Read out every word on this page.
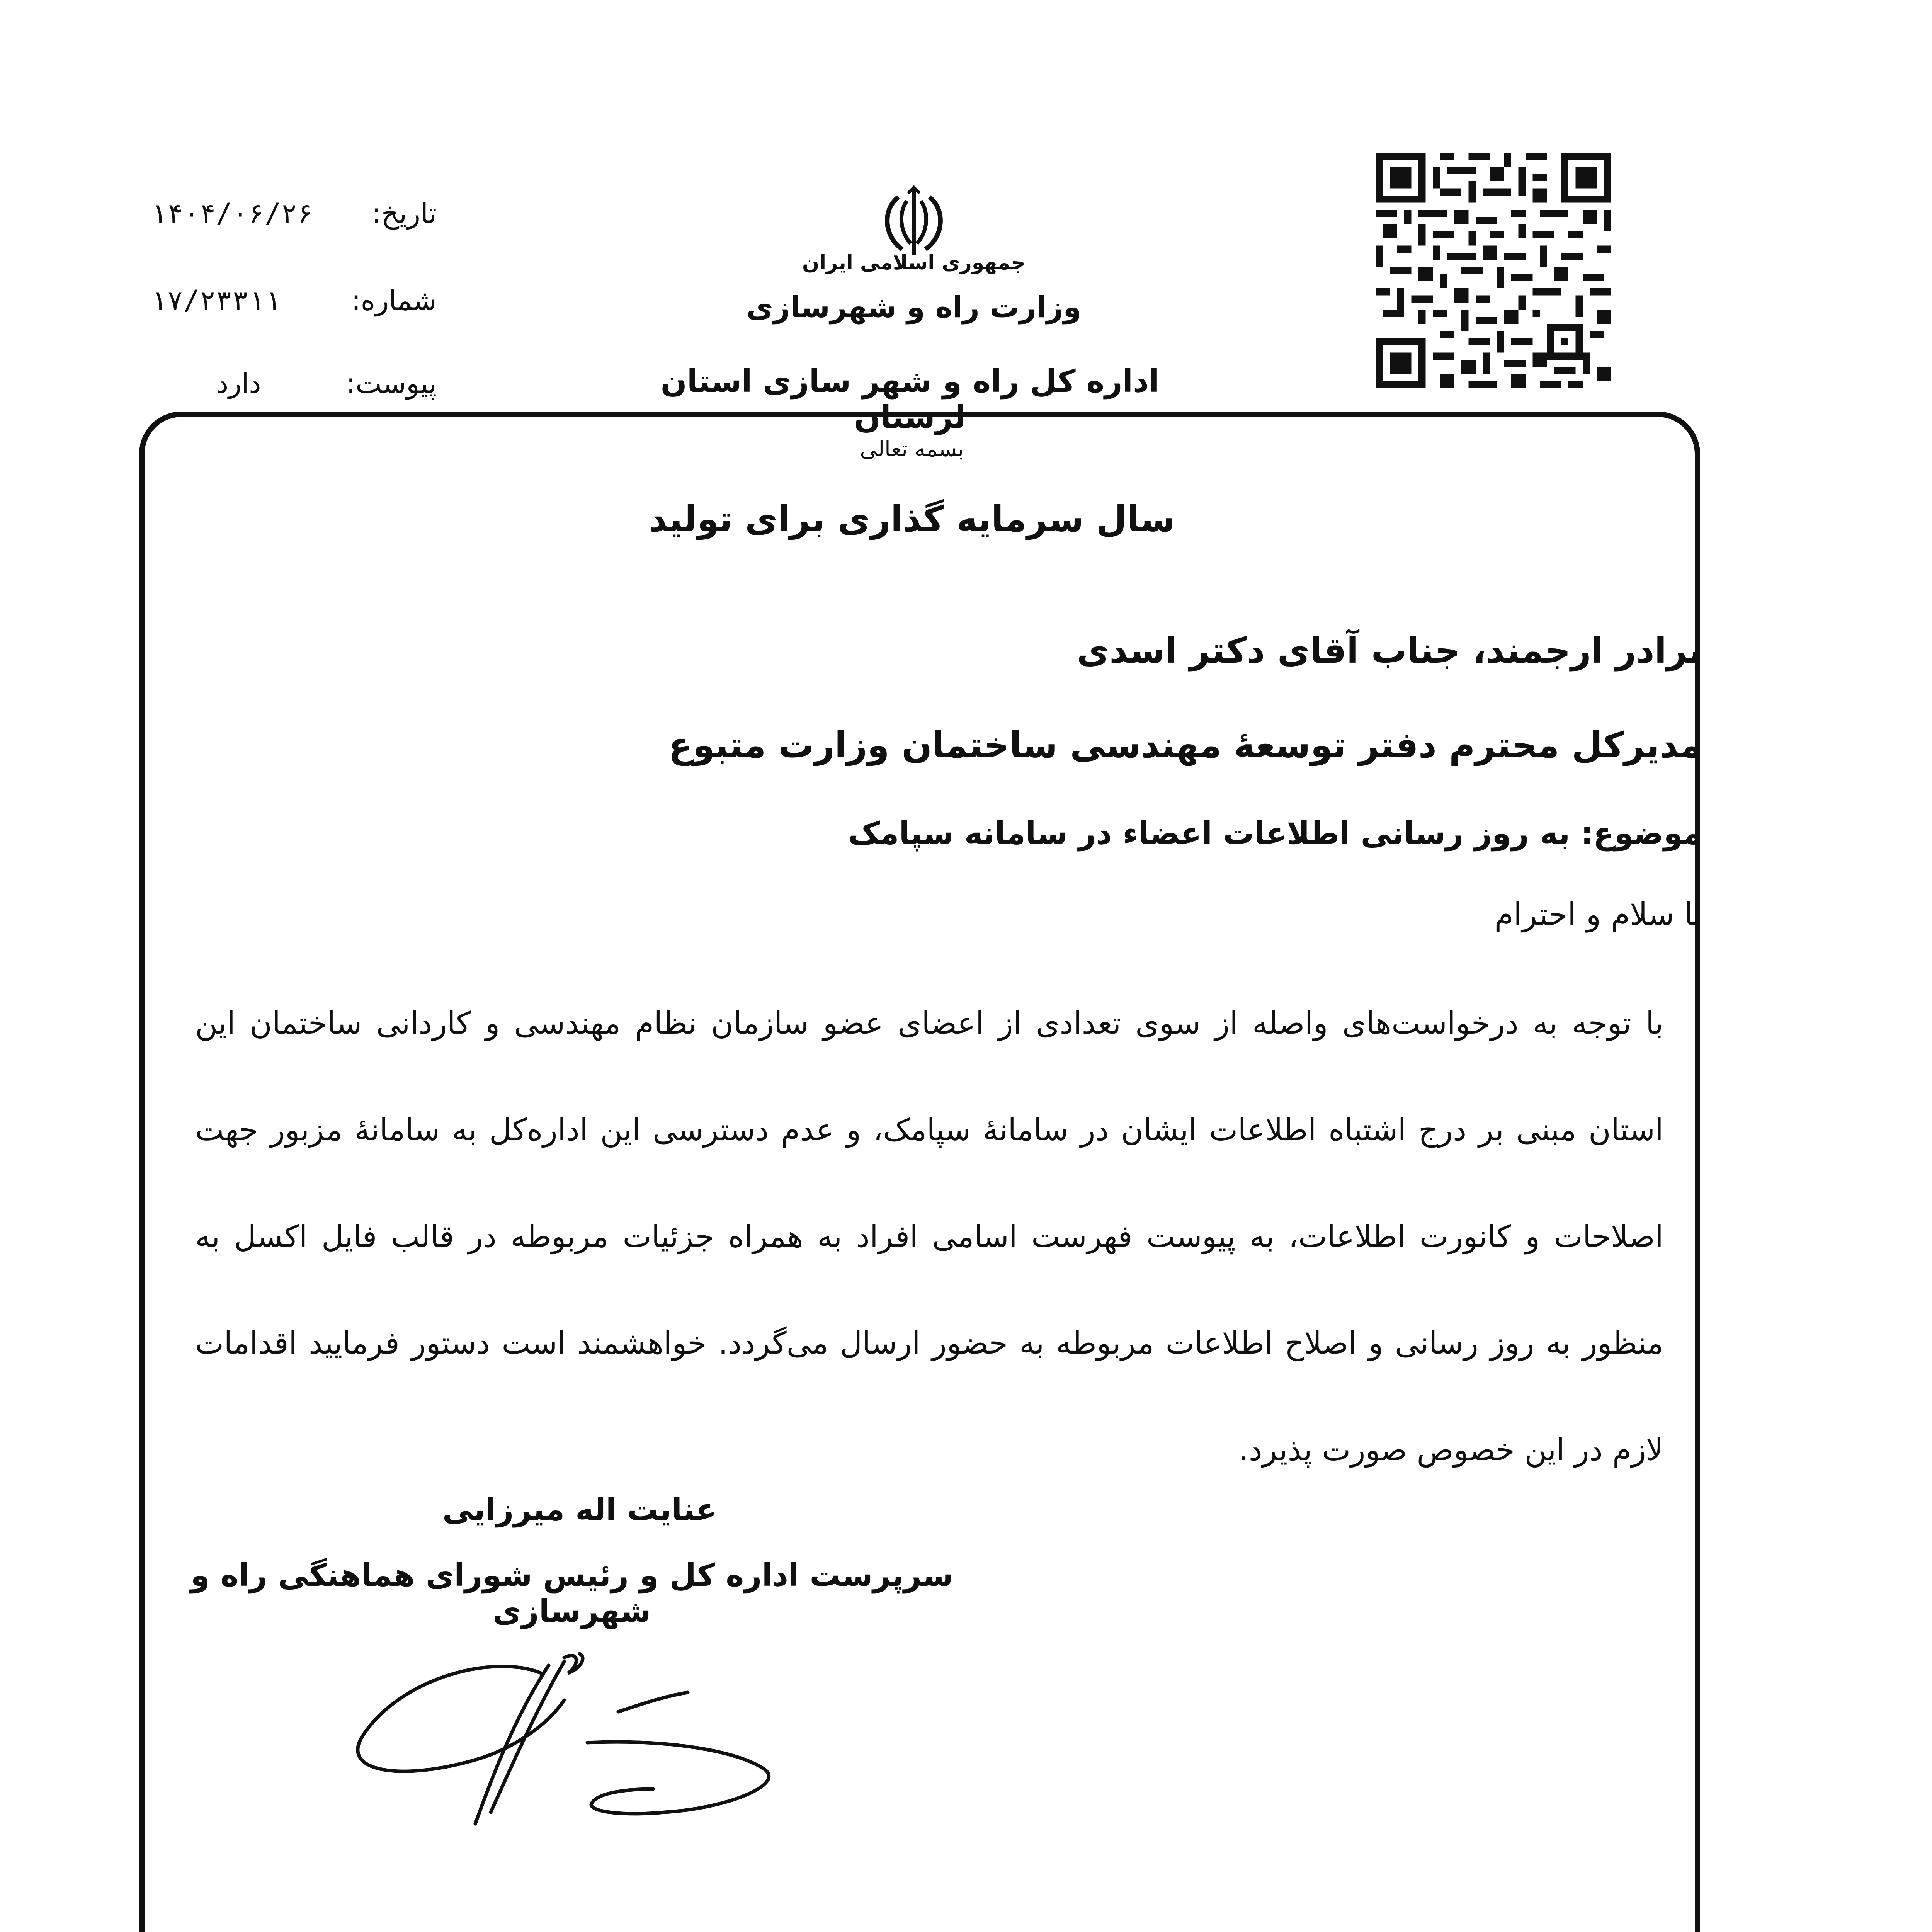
تاریخ:
۱۴۰۴/۰۶/۲۶
شماره:
۱۷/۲۳۳۱۱
پیوست:
دارد
جمهوری اسلامی ایران
وزارت راه و شهرسازی
اداره کل راه و شهر سازی استان لرستان
بسمه تعالی
سال سرمایه گذاری برای تولید
برادر ارجمند، جناب آقای دکتر اسدی
مدیرکل محترم دفتر توسعهٔ مهندسی ساختمان وزارت متبوع
موضوع: به روز رسانی اطلاعات اعضاء در سامانه سپامک
با سلام و احترام
با توجه به درخواست‌های واصله از سوی تعدادی از اعضای عضو سازمان نظام مهندسی و کاردانی ساختمان این استان مبنی بر درج اشتباه اطلاعات ایشان در سامانهٔ سپامک، و عدم دسترسی این اداره‌کل به سامانهٔ مزبور جهت اصلاحات و کانورت اطلاعات، به پیوست فهرست اسامی افراد به همراه جزئیات مربوطه در قالب فایل اکسل به منظور به روز رسانی و اصلاح اطلاعات مربوطه به حضور ارسال می‌گردد. خواهشمند است دستور فرمایید اقدامات لازم در این خصوص صورت پذیرد.
عنایت اله میرزایی
سرپرست اداره کل و رئیس شورای هماهنگی راه و شهرسازی
